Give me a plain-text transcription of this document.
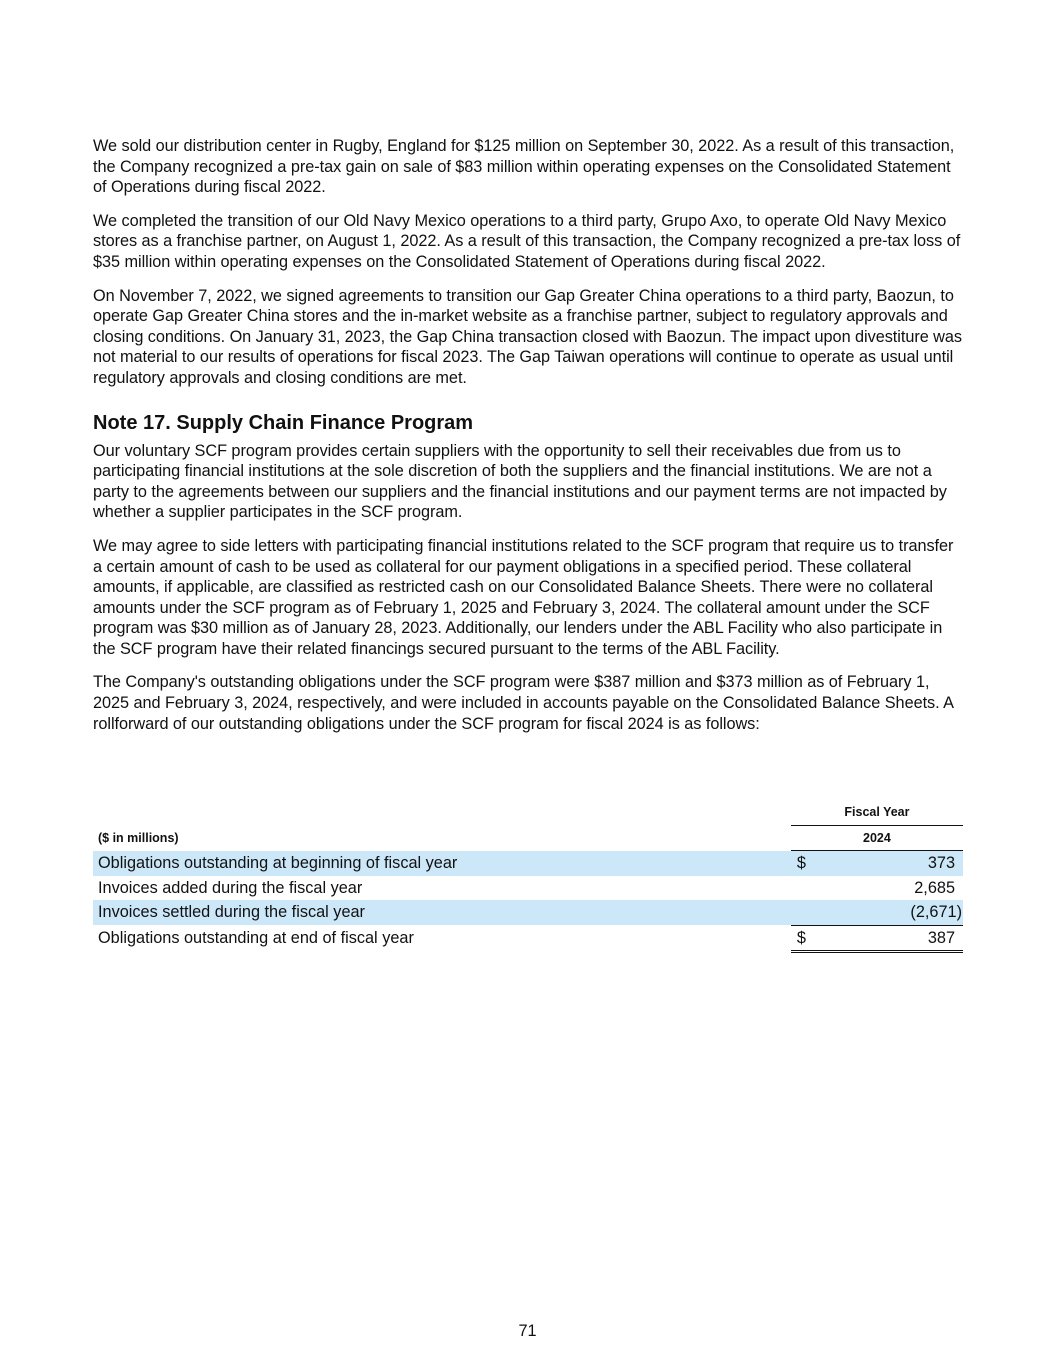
We sold our distribution center in Rugby, England for $125 million on September 30, 2022. As a result of this transaction, the Company recognized a pre-tax gain on sale of $83 million within operating expenses on the Consolidated Statement of Operations during fiscal 2022.

We completed the transition of our Old Navy Mexico operations to a third party, Grupo Axo, to operate Old Navy Mexico stores as a franchise partner, on August 1, 2022. As a result of this transaction, the Company recognized a pre-tax loss of $35 million within operating expenses on the Consolidated Statement of Operations during fiscal 2022.

On November 7, 2022, we signed agreements to transition our Gap Greater China operations to a third party, Baozun, to operate Gap Greater China stores and the in-market website as a franchise partner, subject to regulatory approvals and closing conditions. On January 31, 2023, the Gap China transaction closed with Baozun. The impact upon divestiture was not material to our results of operations for fiscal 2023. The Gap Taiwan operations will continue to operate as usual until regulatory approvals and closing conditions are met.

Note 17. Supply Chain Finance Program

Our voluntary SCF program provides certain suppliers with the opportunity to sell their receivables due from us to participating financial institutions at the sole discretion of both the suppliers and the financial institutions. We are not a party to the agreements between our suppliers and the financial institutions and our payment terms are not impacted by whether a supplier participates in the SCF program.

We may agree to side letters with participating financial institutions related to the SCF program that require us to transfer a certain amount of cash to be used as collateral for our payment obligations in a specified period. These collateral amounts, if applicable, are classified as restricted cash on our Consolidated Balance Sheets. There were no collateral amounts under the SCF program as of February 1, 2025 and February 3, 2024. The collateral amount under the SCF program was $30 million as of January 28, 2023. Additionally, our lenders under the ABL Facility who also participate in the SCF program have their related financings secured pursuant to the terms of the ABL Facility.

The Company's outstanding obligations under the SCF program were $387 million and $373 million as of February 1, 2025 and February 3, 2024, respectively, and were included in accounts payable on the Consolidated Balance Sheets. A rollforward of our outstanding obligations under the SCF program for fiscal 2024 is as follows:

	Fiscal Year	
($ in millions)	2024	
Obligations outstanding at beginning of fiscal year	$	373
Invoices added during the fiscal year		2,685
Invoices settled during the fiscal year		(2,671)
Obligations outstanding at end of fiscal year	$	387
71
